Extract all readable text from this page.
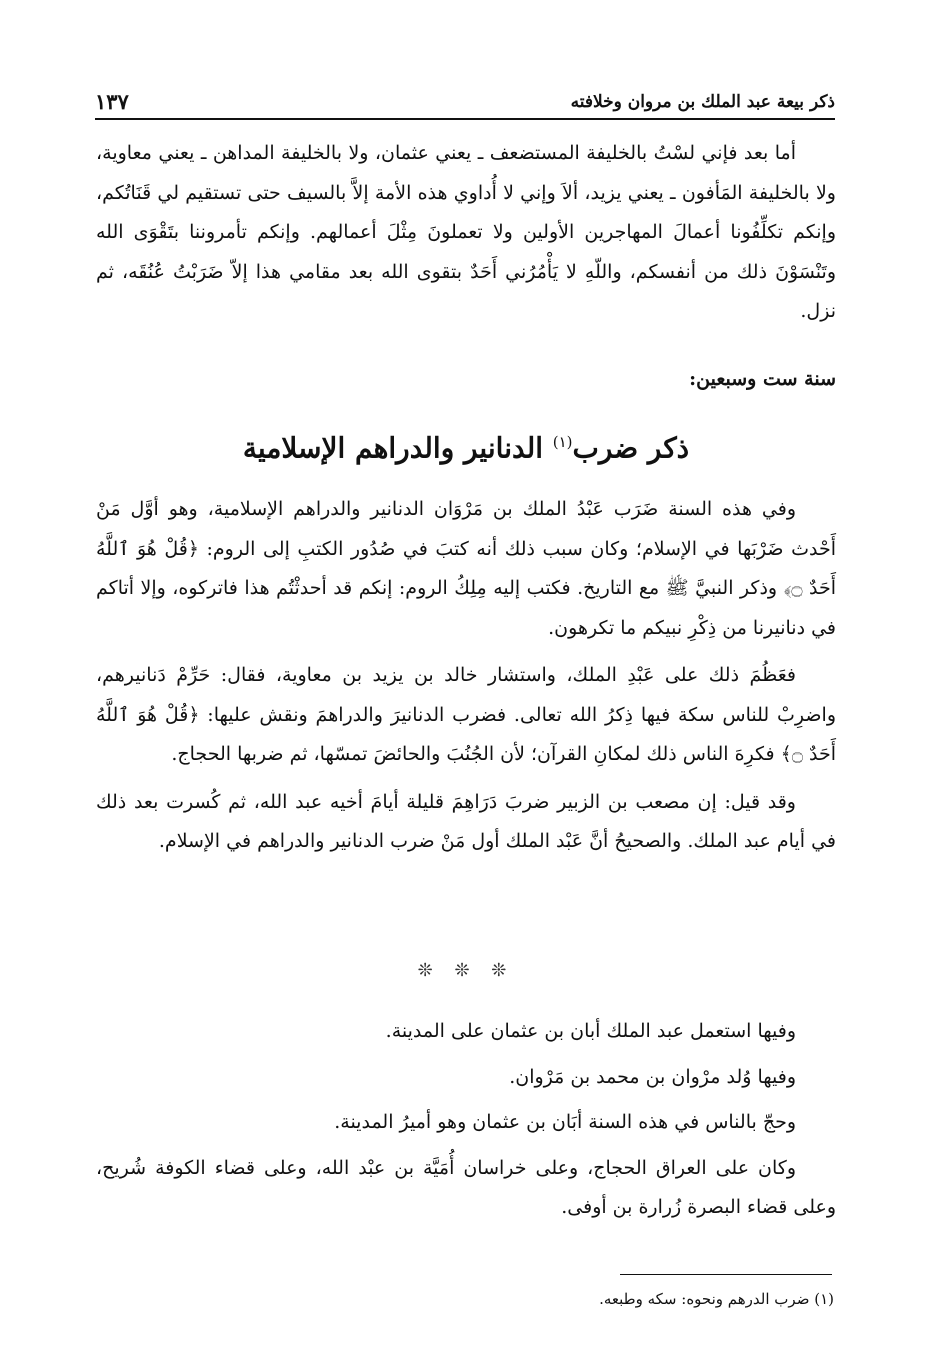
١٣٧	ذكر بيعة عبد الملك بن مروان وخلافته

أما بعد فإني لسْتُ بالخليفة المستضعف ـ يعني عثمان، ولا بالخليفة المداهن ـ يعني معاوية، ولا بالخليفة المَأفون ـ يعني يزيد، ألاَ وإني لا أُداوي هذه الأمة إلاَّ بالسيف حتى تستقيم لي قَنَاتُكم، وإنكم تكلِّفُونا أعمالَ المهاجرين الأولين ولا تعملونَ مِثْلَ أعمالهم. وإنكم تأمروننا بتَقْوَى الله وتَنْسَوْنَ ذلك من أنفسكم، واللّهِ لا يَأْمُرُني أَحَدٌ بتقوى الله بعد مقامي هذا إلاّ ضَرَبْتُ عُنُقَه، ثم نزل.

سنة ست وسبعين:

ذكر ضرب$^{(١)}$ الدنانير والدراهم الإسلامية

وفي هذه السنة ضَرَب عَبْدُ الملك بن مَرْوَان الدنانير والدراهم الإسلامية، وهو أوَّل مَنْ أَحْدث ضَرْبَها في الإسلام؛ وكان سبب ذلك أنه كتبَ في صُدُور الكتبِ إلى الروم: ﴿قُلْ هُوَ ٱللَّهُ أَحَدٌ ۝﴾ وذكر النبيَّ ﷺ مع التاريخ. فكتب إليه مِلِكُ الروم: إنكم قد أحدثْتُم هذا فاتركوه، وإلا أتاكم في دنانيرنا من ذِكْرِ نبيكم ما تكرهون.

فعَظُمَ ذلك على عَبْدِ الملك، واستشار خالد بن يزيد بن معاوية، فقال: حَرِّمْ دَنانيرهم، واضرِبْ للناس سكة فيها ذِكرُ الله تعالى. فضرب الدنانيرَ والدراهمَ ونقش عليها: ﴿قُلْ هُوَ ٱللَّهُ أَحَدٌ ۝﴾ فكرِهَ الناس ذلك لمكانِ القرآن؛ لأن الجُنُبَ والحائضَ تمسّها، ثم ضربها الحجاج.

وقد قيل: إن مصعب بن الزبير ضربَ دَرَاهِمَ قليلة أيامَ أخيه عبد الله، ثم كُسرت بعد ذلك في أيام عبد الملك. والصحيحُ أنَّ عَبْد الملك أول مَنْ ضرب الدنانير والدراهم في الإسلام.

❊ ❊ ❊

وفيها استعمل عبد الملك أبان بن عثمان على المدينة.

وفيها وُلد مرْوان بن محمد بن مَرْوان.

وحجّ بالناس في هذه السنة أبَان بن عثمان وهو أميرُ المدينة.

وكان على العراق الحجاج، وعلى خراسان أُمَيَّة بن عبْد الله، وعلى قضاء الكوفة شُريح، وعلى قضاء البصرة زُرارة بن أوفى.

(١) ضرب الدرهم ونحوه: سكه وطبعه.
